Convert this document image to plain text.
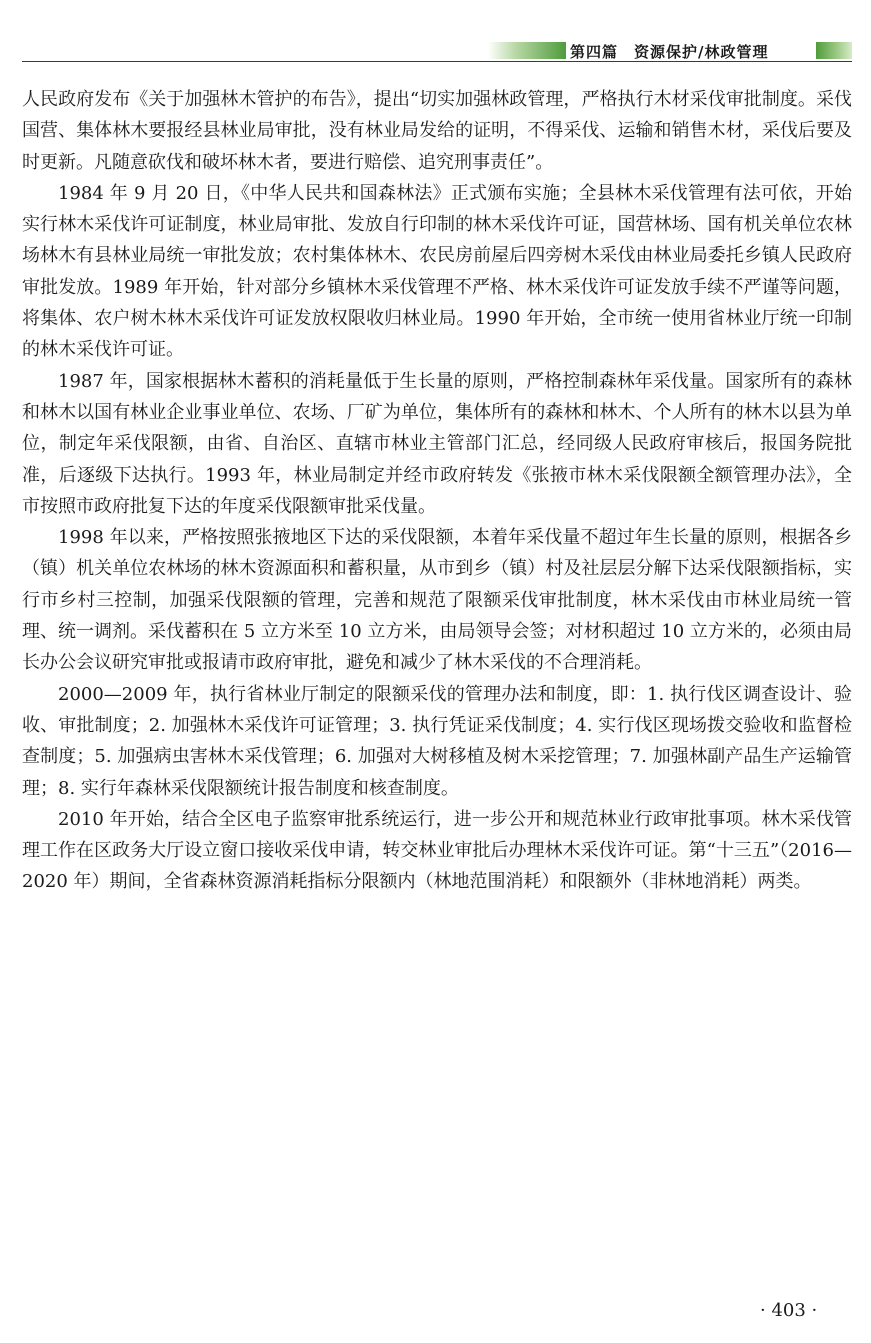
第四篇　资源保护/林政管理

人民政府发布《关于加强林木管护的布告》，提出“切实加强林政管理，严格执行木材采伐审批制度。采伐国营、集体林木要报经县林业局审批，没有林业局发给的证明，不得采伐、运输和销售木材，采伐后要及时更新。凡随意砍伐和破坏林木者，要进行赔偿、追究刑事责任”。

1984 年 9 月 20 日，《中华人民共和国森林法》正式颁布实施；全县林木采伐管理有法可依，开始实行林木采伐许可证制度，林业局审批、发放自行印制的林木采伐许可证，国营林场、国有机关单位农林场林木有县林业局统一审批发放；农村集体林木、农民房前屋后四旁树木采伐由林业局委托乡镇人民政府审批发放。1989 年开始，针对部分乡镇林木采伐管理不严格、林木采伐许可证发放手续不严谨等问题，将集体、农户树木林木采伐许可证发放权限收归林业局。1990 年开始，全市统一使用省林业厅统一印制的林木采伐许可证。

1987 年，国家根据林木蓄积的消耗量低于生长量的原则，严格控制森林年采伐量。国家所有的森林和林木以国有林业企业事业单位、农场、厂矿为单位，集体所有的森林和林木、个人所有的林木以县为单位，制定年采伐限额，由省、自治区、直辖市林业主管部门汇总，经同级人民政府审核后，报国务院批准，后逐级下达执行。1993 年，林业局制定并经市政府转发《张掖市林木采伐限额全额管理办法》，全市按照市政府批复下达的年度采伐限额审批采伐量。

1998 年以来，严格按照张掖地区下达的采伐限额，本着年采伐量不超过年生长量的原则，根据各乡（镇）机关单位农林场的林木资源面积和蓄积量，从市到乡（镇）村及社层层分解下达采伐限额指标，实行市乡村三控制，加强采伐限额的管理，完善和规范了限额采伐审批制度，林木采伐由市林业局统一管理、统一调剂。采伐蓄积在 5 立方米至 10 立方米，由局领导会签；对材积超过 10 立方米的，必须由局长办公会议研究审批或报请市政府审批，避免和减少了林木采伐的不合理消耗。

2000—2009 年，执行省林业厅制定的限额采伐的管理办法和制度，即：1. 执行伐区调查设计、验收、审批制度；2. 加强林木采伐许可证管理；3. 执行凭证采伐制度；4. 实行伐区现场拨交验收和监督检查制度；5. 加强病虫害林木采伐管理；6. 加强对大树移植及树木采挖管理；7. 加强林副产品生产运输管理；8. 实行年森林采伐限额统计报告制度和核查制度。

2010 年开始，结合全区电子监察审批系统运行，进一步公开和规范林业行政审批事项。林木采伐管理工作在区政务大厅设立窗口接收采伐申请，转交林业审批后办理林木采伐许可证。第“十三五”（2016—2020 年）期间，全省森林资源消耗指标分限额内（林地范围消耗）和限额外（非林地消耗）两类。

· 403 ·
